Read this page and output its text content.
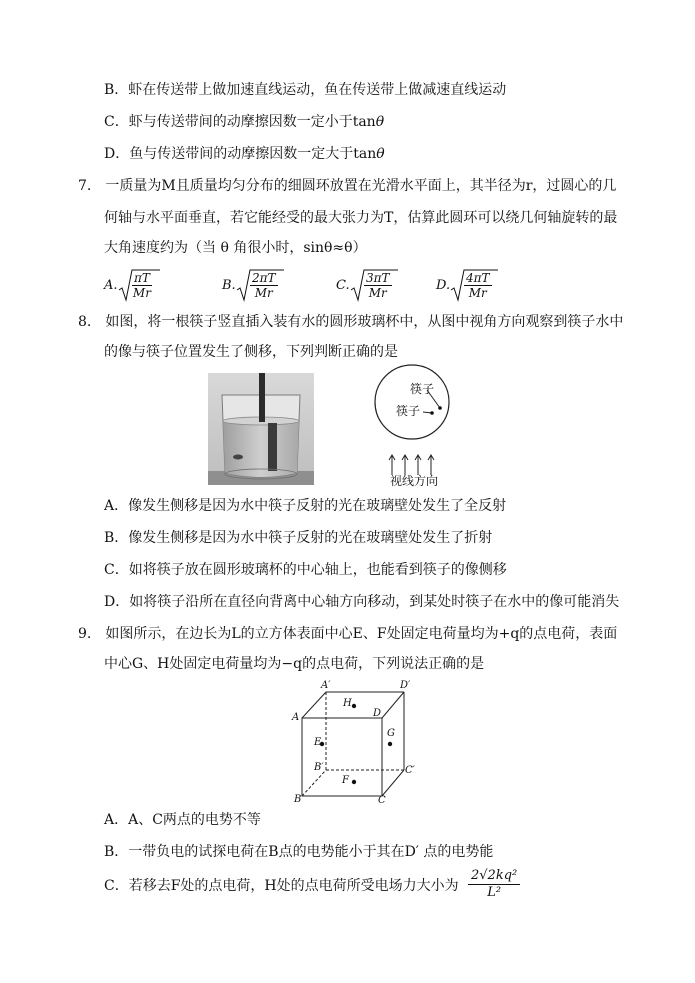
B．虾在传送带上做加速直线运动，鱼在传送带上做减速直线运动
C．虾与传送带间的动摩擦因数一定小于tanθ
D．鱼与传送带间的动摩擦因数一定大于tanθ
7.　一质量为M且质量均匀分布的细圆环放置在光滑水平面上，其半径为r，过圆心的几
何轴与水平面垂直，若它能经受的最大张力为T，估算此圆环可以绕几何轴旋转的最
大角速度约为（当 θ 角很小时，sinθ≈θ）
A. $\frac{\pi T}{Mr}$	B. $\frac{2\pi T}{Mr}$	C. $\frac{3\pi T}{Mr}$	D. $\frac{4\pi T}{Mr}$
8.　如图，将一根筷子竖直插入装有水的圆形玻璃杯中，从图中视角方向观察到筷子水中
的像与筷子位置发生了侧移，下列判断正确的是
筷子
筷子
视线方向
A．像发生侧移是因为水中筷子反射的光在玻璃壁处发生了全反射
B．像发生侧移是因为水中筷子反射的光在玻璃壁处发生了折射
C．如将筷子放在圆形玻璃杯的中心轴上，也能看到筷子的像侧移
D．如将筷子沿所在直径向背离中心轴方向移动，到某处时筷子在水中的像可能消失
9.　如图所示，在边长为L的立方体表面中心E、F处固定电荷量均为+q的点电荷，表面
中心G、H处固定电荷量均为−q的点电荷，下列说法正确的是
A′	D′
A	D
H
E
G
B′	C′
F
B	C
A．A、C两点的电势不等
B．一带负电的试探电荷在B点的电势能小于其在D′ 点的电势能
C．若移去F处的点电荷，H处的点电荷所受电场力大小为 $\frac{\text{2√2kq²}}{\text{L²}}$
